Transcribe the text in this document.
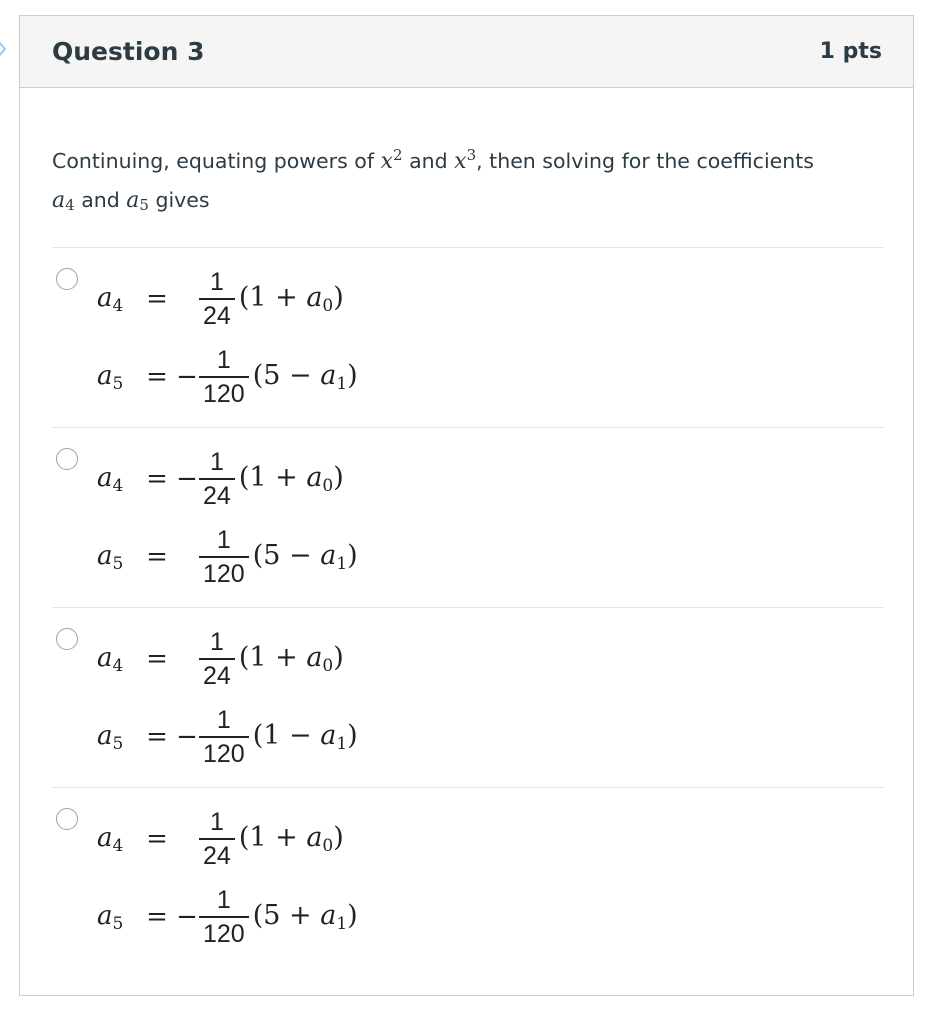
Question 3	1 pts
Continuing, equating powers of $x^2$ and $x^3$, then solving for the coefficients
$a_4$ and $a_5$ gives
$a_4 = \frac{1}{24} (1 + a_0)$
$a_5$ = − $\frac{1}{120} (5 - a_1)$
$a_4$ = − $\frac{1}{24} (1 + a_0)$
$a_5 = \frac{1}{120} (5 - a_1)$
$a_4 = \frac{1}{24} (1 + a_0)$
$a_5$ = − $\frac{1}{120} (1 - a_1)$
$a_4 = \frac{1}{24} (1 + a_0)$
$a_5$ = − $\frac{1}{120} (5 + a_1)$
